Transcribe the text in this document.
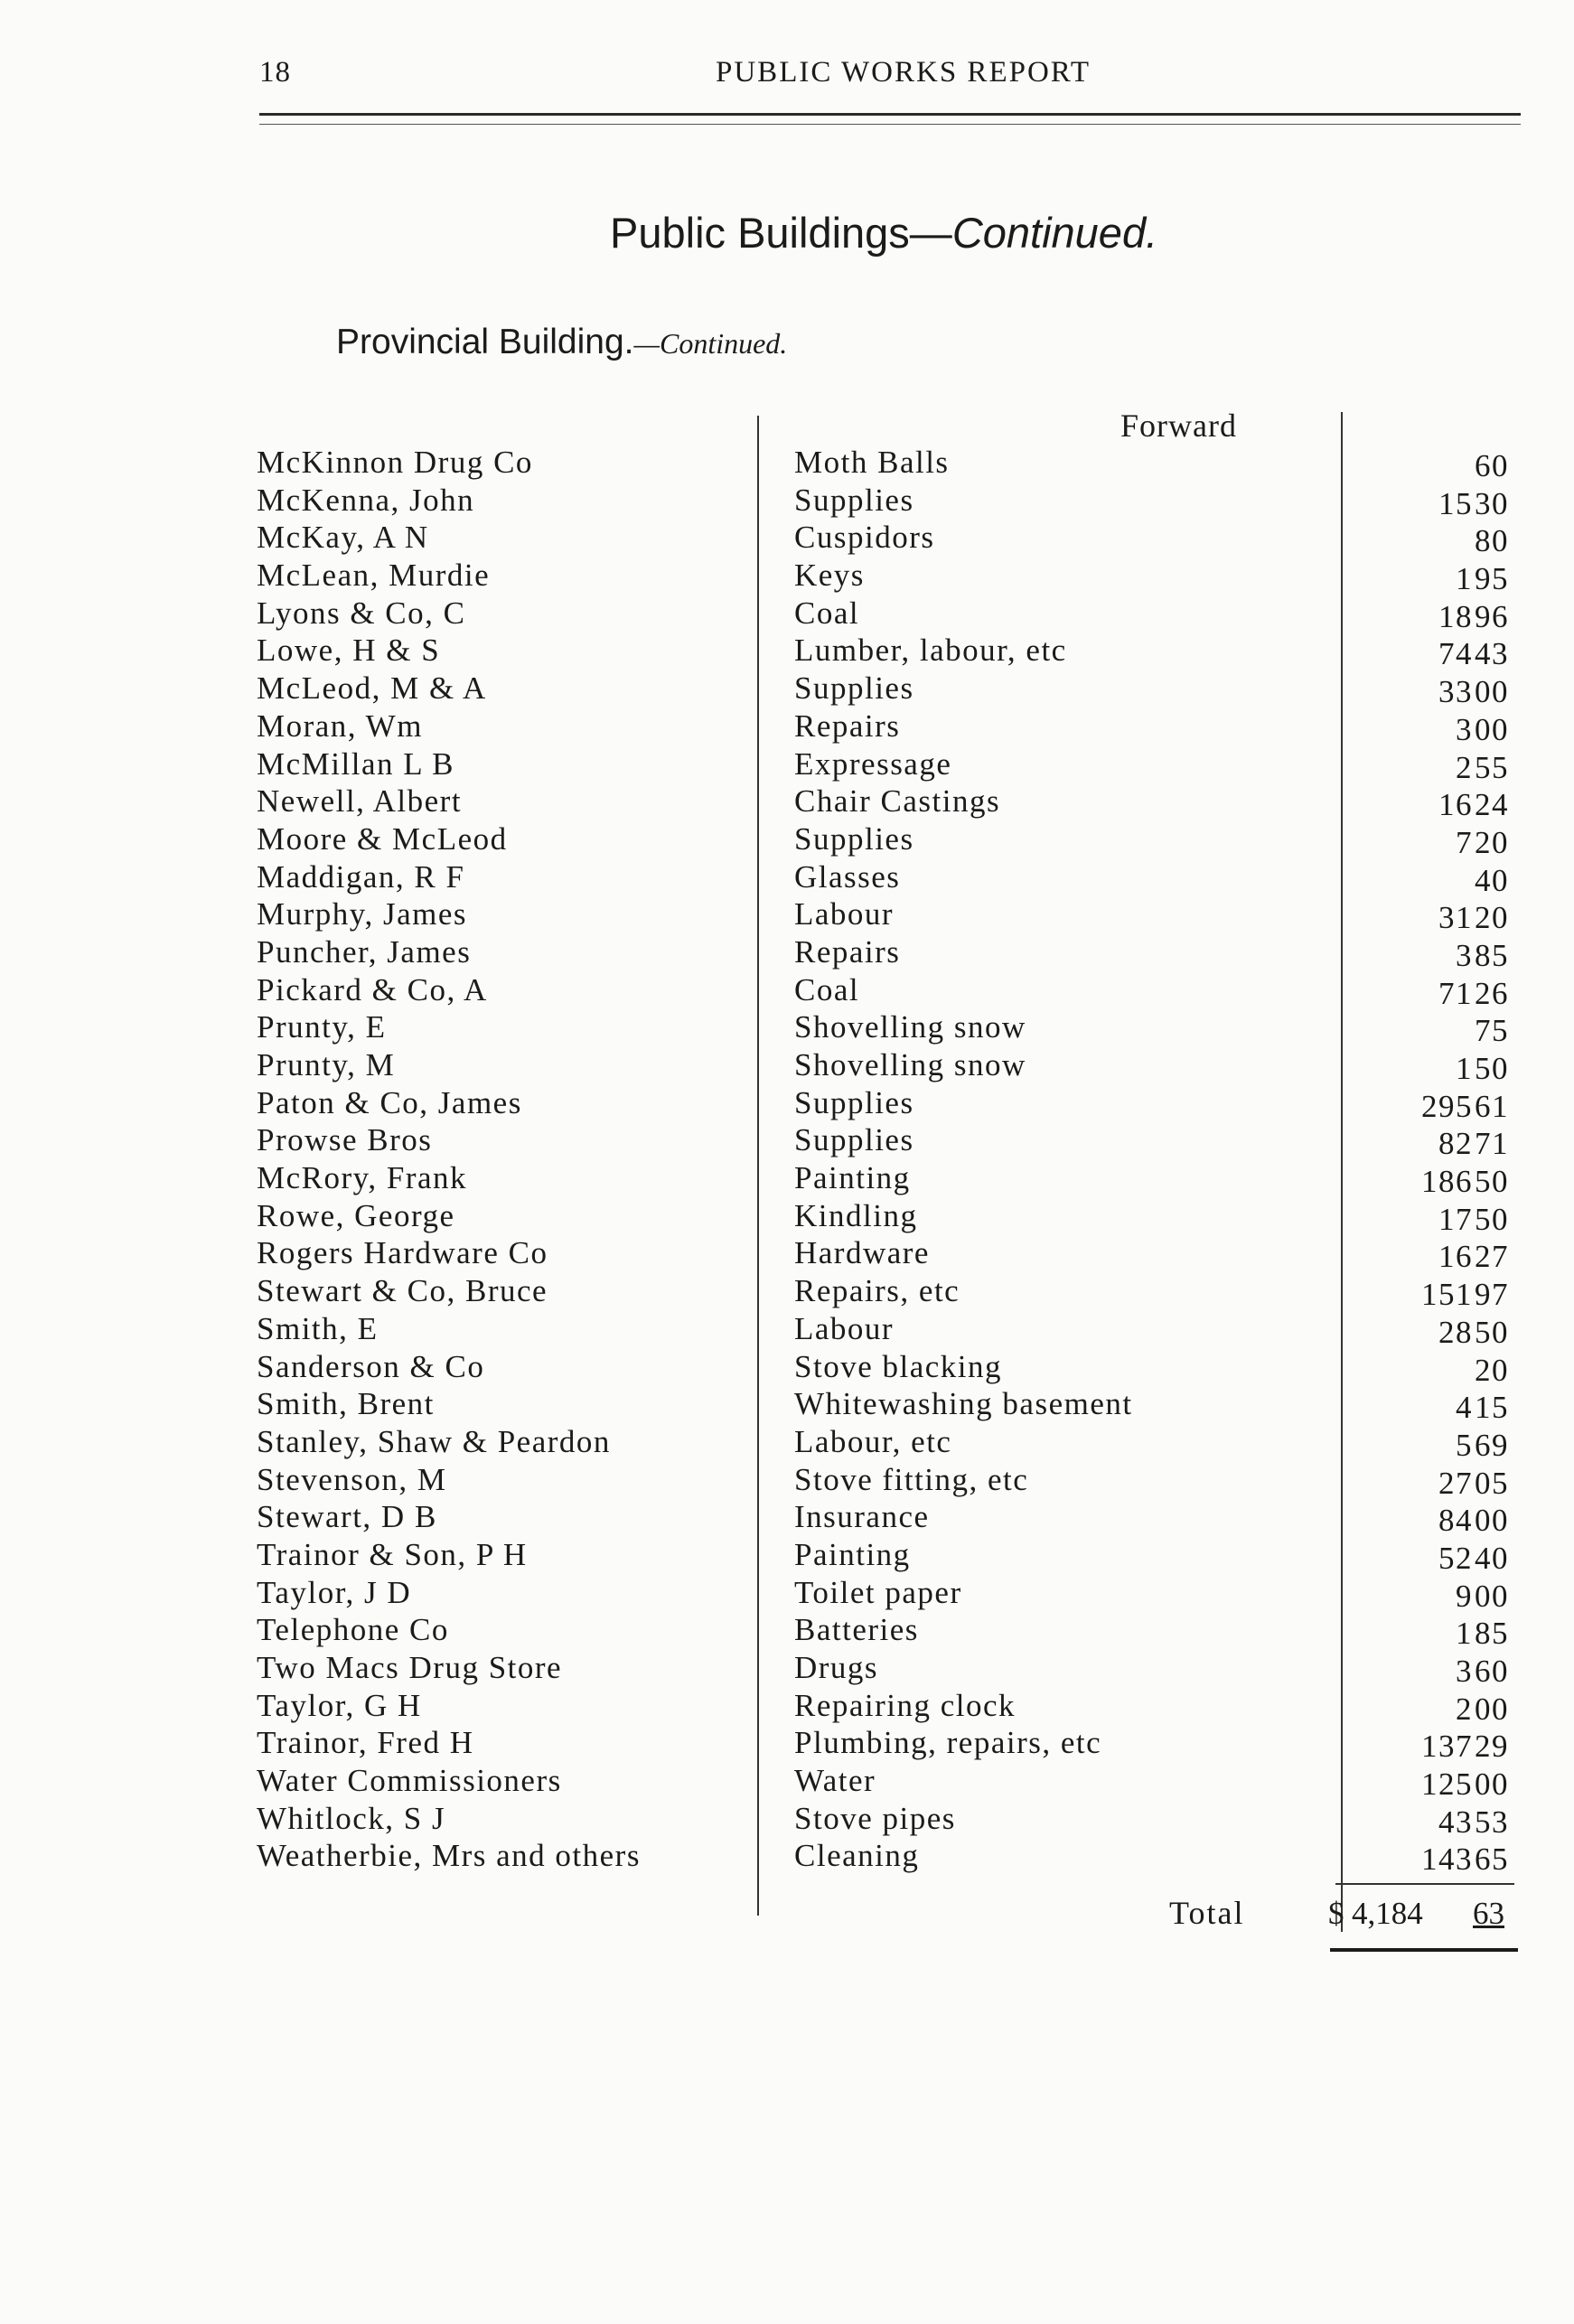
18	PUBLIC WORKS REPORT
Public Buildings—Continued.
Provincial Building.—Continued.
Forward
McKinnon Drug Co	Moth Balls	60
McKenna, John	Supplies	15 30
McKay, A N	Cuspidors	80
McLean, Murdie	Keys	1 95
Lyons & Co, C	Coal	18 96
Lowe, H & S	Lumber, labour, etc	74 43
McLeod, M & A	Supplies	33 00
Moran, Wm	Repairs	3 00
McMillan L B	Expressage	2 55
Newell, Albert	Chair Castings	16 24
Moore & McLeod	Supplies	7 20
Maddigan, R F	Glasses	40
Murphy, James	Labour	31 20
Puncher, James	Repairs	3 85
Pickard & Co, A	Coal	71 26
Prunty, E	Shovelling snow	75
Prunty, M	Shovelling snow	1 50
Paton & Co, James	Supplies	295 61
Prowse Bros	Supplies	82 71
McRory, Frank	Painting	186 50
Rowe, George	Kindling	17 50
Rogers Hardware Co	Hardware	16 27
Stewart & Co, Bruce	Repairs, etc	151 97
Smith, E	Labour	28 50
Sanderson & Co	Stove blacking	20
Smith, Brent	Whitewashing basement	4 15
Stanley, Shaw & Peardon	Labour, etc	5 69
Stevenson, M	Stove fitting, etc	27 05
Stewart, D B	Insurance	84 00
Trainor & Son, P H	Painting	52 40
Taylor, J D	Toilet paper	9 00
Telephone Co	Batteries	1 85
Two Macs Drug Store	Drugs	3 60
Taylor, G H	Repairing clock	2 00
Trainor, Fred H	Plumbing, repairs, etc	137 29
Water Commissioners	Water	125 00
Whitlock, S J	Stove pipes	43 53
Weatherbie, Mrs and others	Cleaning	143 65
Total	$ 4,184 63
